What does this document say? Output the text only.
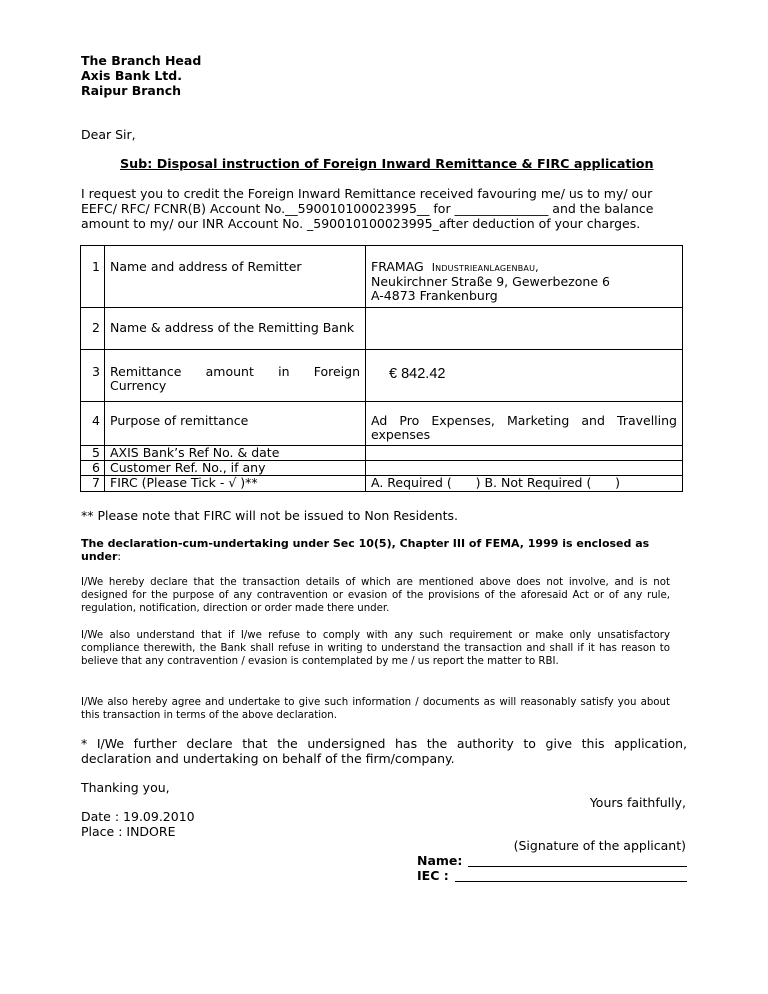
The Branch Head
Axis Bank Ltd.
Raipur Branch
Dear Sir,
Sub: Disposal instruction of Foreign Inward Remittance & FIRC application
I request you to credit the Foreign Inward Remittance received favouring me/ us to my/ our
EEFC/ RFC/ FCNR(B) Account No.__590010100023995__ for _______________ and the balance
amount to my/ our INR Account No. _590010100023995_after deduction of your charges.
1	Name and address of Remitter	FRAMAG Industrieanlagenbau,
Neukirchner Straße 9, Gewerbezone 6
A-4873 Frankenburg

2	Name & address of the Remitting Bank	
3	Remittance amount in Foreign
Currency	€ 842.42
4	Purpose of remittance	Ad Pro Expenses, Marketing and Travelling
expenses

5	AXIS Bank’s Ref No. & date	
6	Customer Ref. No., if any	
7	FIRC (Please Tick - √ )**	A. Required (      ) B. Not Required (      )
** Please note that FIRC will not be issued to Non Residents.
The declaration-cum-undertaking under Sec 10(5), Chapter III of FEMA, 1999 is enclosed as
under:
I/We hereby declare that the transaction details of which are mentioned above does not involve, and is not designed for the purpose of any contravention or evasion of the provisions of the aforesaid Act or of any rule, regulation, notification, direction or order made there under.
I/We also understand that if I/we refuse to comply with any such requirement or make only unsatisfactory compliance therewith, the Bank shall refuse in writing to understand the transaction and shall if it has reason to believe that any contravention / evasion is contemplated by me / us report the matter to RBI.
I/We also hereby agree and undertake to give such information / documents as will reasonably satisfy you about this transaction in terms of the above declaration.
* I/We further declare that the undersigned has the authority to give this application,
declaration and undertaking on behalf of the firm/company.
Thanking you,
Yours faithfully,
Date : 19.09.2010
Place : INDORE
(Signature of the applicant)
Name:
IEC :
